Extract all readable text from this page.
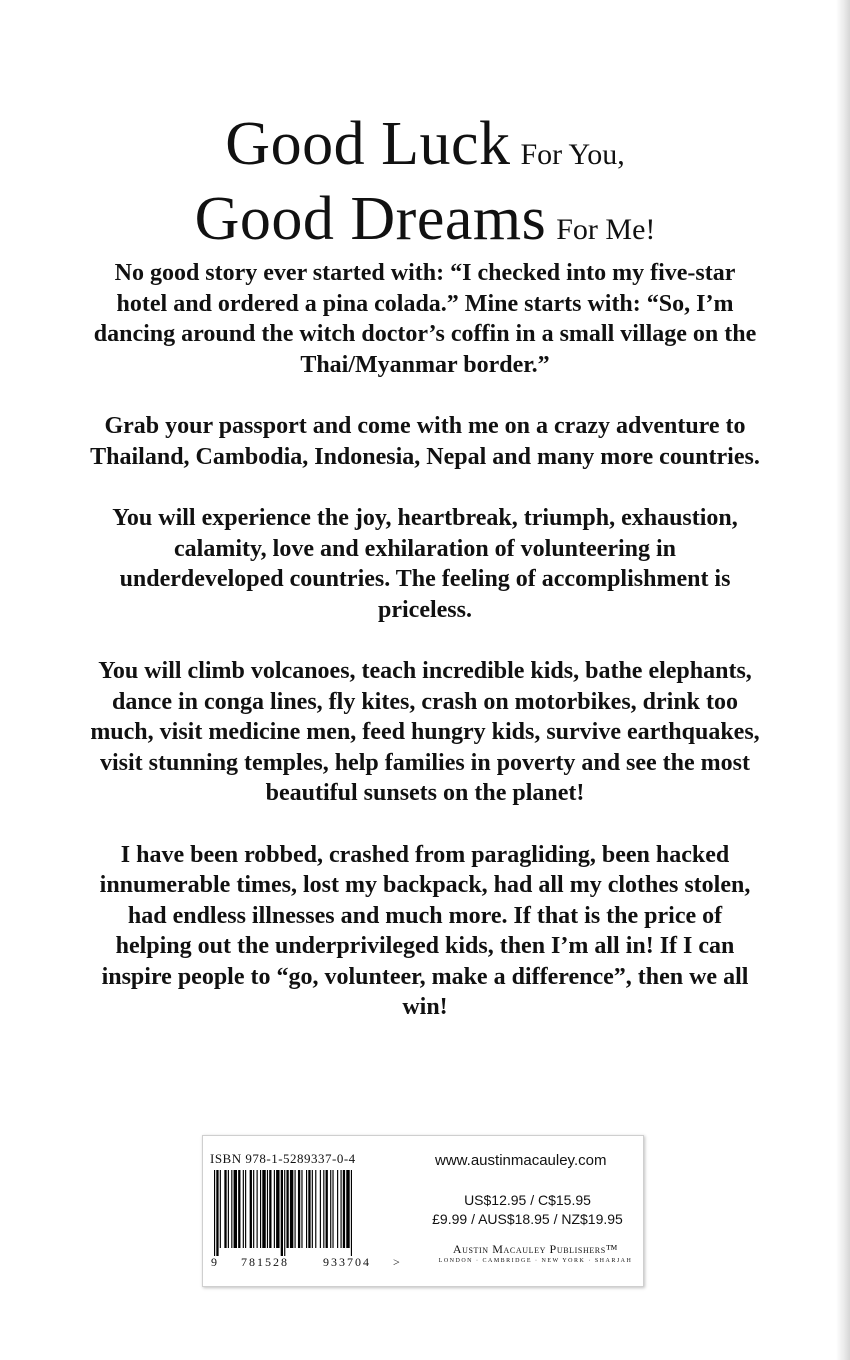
Good Luck For You,
Good Dreams For Me!

No good story ever started with: “I checked into my five-star hotel and ordered a pina colada.” Mine starts with: “So, I’m dancing around the witch doctor’s coffin in a small village on the Thai/Myanmar border.”

Grab your passport and come with me on a crazy adventure to Thailand, Cambodia, Indonesia, Nepal and many more countries.

You will experience the joy, heartbreak, triumph, exhaustion, calamity, love and exhilaration of volunteering in underdeveloped countries. The feeling of accomplishment is priceless.

You will climb volcanoes, teach incredible kids, bathe elephants, dance in conga lines, fly kites, crash on motorbikes, drink too much, visit medicine men, feed hungry kids, survive earthquakes, visit stunning temples, help families in poverty and see the most beautiful sunsets on the planet!

I have been robbed, crashed from paragliding, been hacked innumerable times, lost my backpack, had all my clothes stolen, had endless illnesses and much more. If that is the price of helping out the underprivileged kids, then I’m all in! If I can inspire people to “go, volunteer, make a difference”, then we all win!

ISBN 978-1-5289337-0-4
9 781528	933704 >
www.austinmacauley.com
US$12.95 / C$15.95
£9.99 / AUS$18.95 / NZ$19.95
Austin Macauley Publishers™
LONDON · CAMBRIDGE · NEW YORK · SHARJAH
